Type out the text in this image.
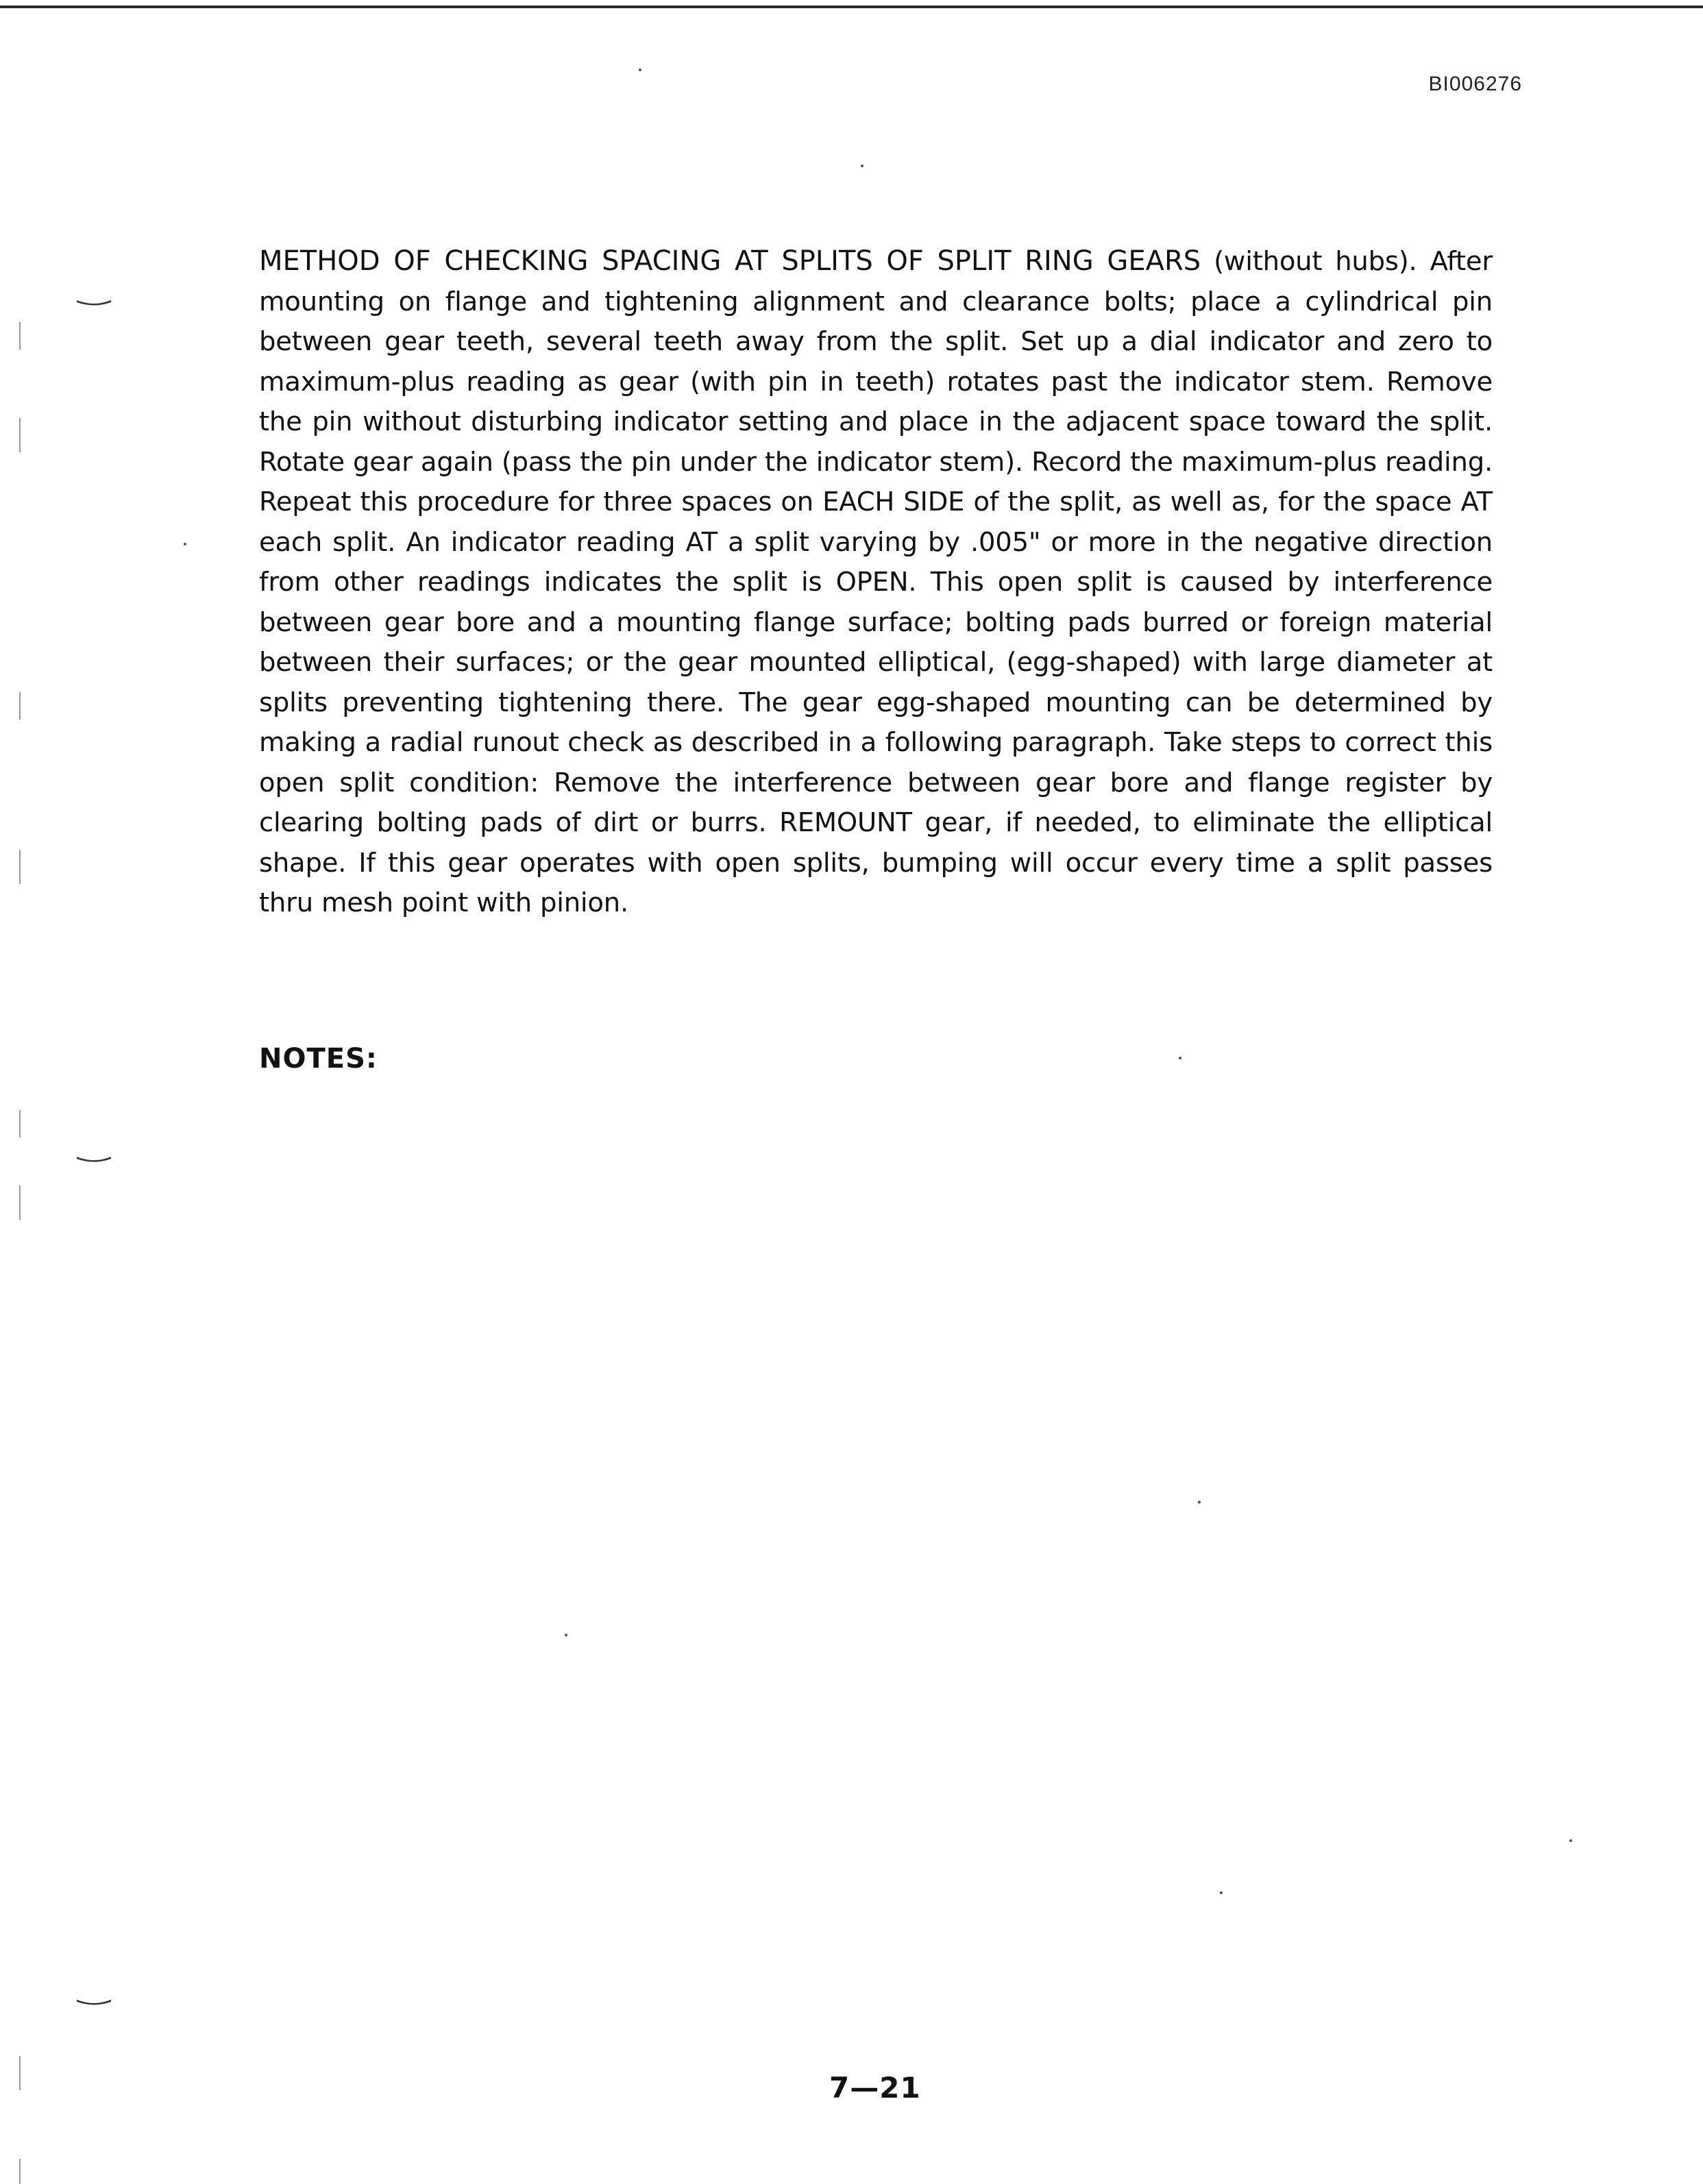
BI006276
METHOD OF CHECKING SPACING AT SPLITS OF SPLIT RING GEARS (without hubs). After mounting on flange and tightening alignment and clearance bolts; place a cylindrical pin between gear teeth, several teeth away from the split. Set up a dial indicator and zero to maximum-plus reading as gear (with pin in teeth) rotates past the indicator stem. Remove the pin without disturbing indicator setting and place in the adjacent space toward the split. Rotate gear again (pass the pin under the indicator stem). Record the maximum-plus reading. Repeat this procedure for three spaces on EACH SIDE of the split, as well as, for the space AT each split. An indicator reading AT a split varying by .005" or more in the negative direction from other readings indicates the split is OPEN. This open split is caused by interference between gear bore and a mounting flange surface; bolting pads burred or foreign material between their surfaces; or the gear mounted elliptical, (egg-shaped) with large diameter at splits preventing tightening there. The gear egg-shaped mounting can be determined by making a radial runout check as described in a following paragraph. Take steps to correct this open split condition: Remove the interference between gear bore and flange register by clearing bolting pads of dirt or burrs. REMOUNT gear, if needed, to eliminate the elliptical shape. If this gear operates with open splits, bumping will occur every time a split passes thru mesh point with pinion.
NOTES:
7—21
